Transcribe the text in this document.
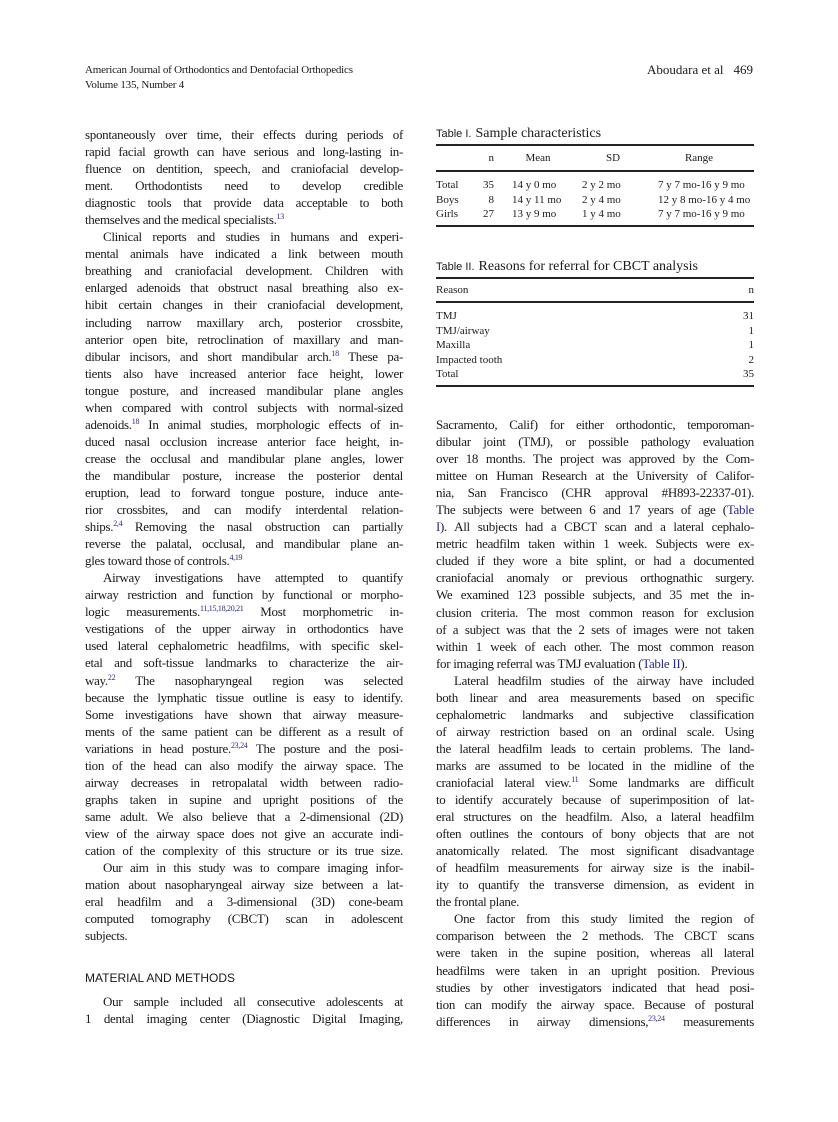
American Journal of Orthodontics and Dentofacial Orthopedics
Volume 135, Number 4
Aboudara et al 469
spontaneously over time, their effects during periods of
rapid facial growth can have serious and long-lasting in-
fluence on dentition, speech, and craniofacial develop-
ment. Orthodontists need to develop credible
diagnostic tools that provide data acceptable to both
themselves and the medical specialists.$^{13}$
Clinical reports and studies in humans and experi-
mental animals have indicated a link between mouth
breathing and craniofacial development. Children with
enlarged adenoids that obstruct nasal breathing also ex-
hibit certain changes in their craniofacial development,
including narrow maxillary arch, posterior crossbite,
anterior open bite, retroclination of maxillary and man-
dibular incisors, and short mandibular arch.$^{18}$ These pa-
tients also have increased anterior face height, lower
tongue posture, and increased mandibular plane angles
when compared with control subjects with normal-sized
adenoids.$^{18}$ In animal studies, morphologic effects of in-
duced nasal occlusion increase anterior face height, in-
crease the occlusal and mandibular plane angles, lower
the mandibular posture, increase the posterior dental
eruption, lead to forward tongue posture, induce ante-
rior crossbites, and can modify interdental relation-
ships.$^{2,4}$ Removing the nasal obstruction can partially
reverse the palatal, occlusal, and mandibular plane an-
gles toward those of controls.$^{4,19}$
Airway investigations have attempted to quantify
airway restriction and function by functional or morpho-
logic measurements.$^{11,15,18,20,21}$ Most morphometric in-
vestigations of the upper airway in orthodontics have
used lateral cephalometric headfilms, with specific skel-
etal and soft-tissue landmarks to characterize the air-
way.$^{22}$ The nasopharyngeal region was selected
because the lymphatic tissue outline is easy to identify.
Some investigations have shown that airway measure-
ments of the same patient can be different as a result of
variations in head posture.$^{23,24}$ The posture and the posi-
tion of the head can also modify the airway space. The
airway decreases in retropalatal width between radio-
graphs taken in supine and upright positions of the
same adult. We also believe that a 2-dimensional (2D)
view of the airway space does not give an accurate indi-
cation of the complexity of this structure or its true size.
Our aim in this study was to compare imaging infor-
mation about nasopharyngeal airway size between a lat-
eral headfilm and a 3-dimensional (3D) cone-beam
computed tomography (CBCT) scan in adolescent
subjects.
MATERIAL AND METHODS
Our sample included all consecutive adolescents at
1 dental imaging center (Diagnostic Digital Imaging,
Table I. Sample characteristics
	n	Mean	SD	Range
Total	35	14 y 0 mo	2 y 2 mo	7 y 7 mo-16 y 9 mo
Boys	8	14 y 11 mo	2 y 4 mo	12 y 8 mo-16 y 4 mo
Girls	27	13 y 9 mo	1 y 4 mo	7 y 7 mo-16 y 9 mo
Table II. Reasons for referral for CBCT analysis
Reason	n
TMJ	31
TMJ/airway	1
Maxilla	1
Impacted tooth	2
Total	35
Sacramento, Calif) for either orthodontic, temporoman-
dibular joint (TMJ), or possible pathology evaluation
over 18 months. The project was approved by the Com-
mittee on Human Research at the University of Califor-
nia, San Francisco (CHR approval #H893-22337-01).
The subjects were between 6 and 17 years of age (Table
I). All subjects had a CBCT scan and a lateral cephalo-
metric headfilm taken within 1 week. Subjects were ex-
cluded if they wore a bite splint, or had a documented
craniofacial anomaly or previous orthognathic surgery.
We examined 123 possible subjects, and 35 met the in-
clusion criteria. The most common reason for exclusion
of a subject was that the 2 sets of images were not taken
within 1 week of each other. The most common reason
for imaging referral was TMJ evaluation (Table II).
Lateral headfilm studies of the airway have included
both linear and area measurements based on specific
cephalometric landmarks and subjective classification
of airway restriction based on an ordinal scale. Using
the lateral headfilm leads to certain problems. The land-
marks are assumed to be located in the midline of the
craniofacial lateral view.$^{11}$ Some landmarks are difficult
to identify accurately because of superimposition of lat-
eral structures on the headfilm. Also, a lateral headfilm
often outlines the contours of bony objects that are not
anatomically related. The most significant disadvantage
of headfilm measurements for airway size is the inabil-
ity to quantify the transverse dimension, as evident in
the frontal plane.
One factor from this study limited the region of
comparison between the 2 methods. The CBCT scans
were taken in the supine position, whereas all lateral
headfilms were taken in an upright position. Previous
studies by other investigators indicated that head posi-
tion can modify the airway space. Because of postural
differences in airway dimensions,$^{23,24}$ measurements
